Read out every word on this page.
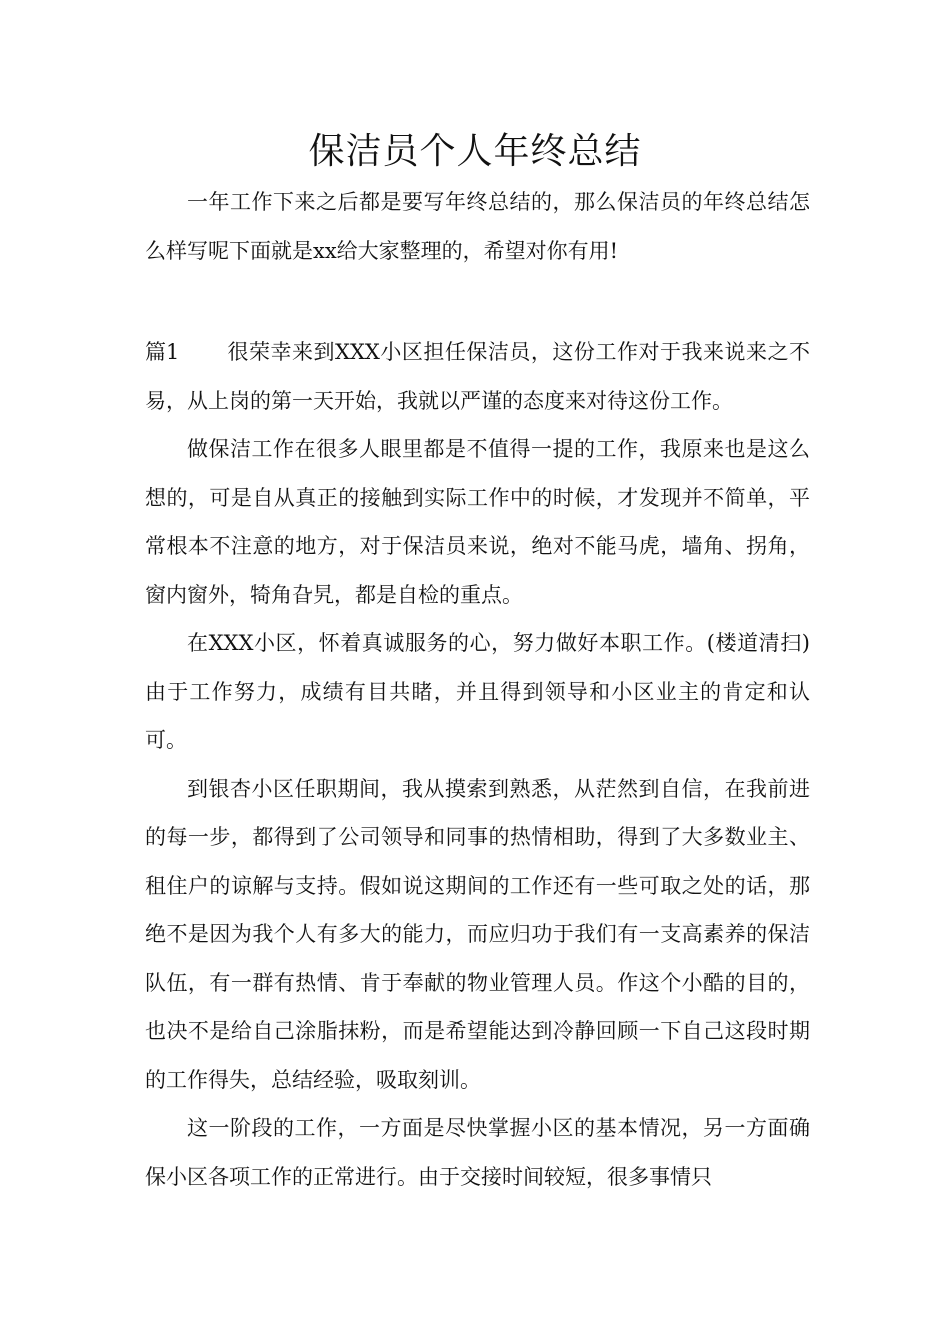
保洁员个人年终总结

一年工作下来之后都是要写年终总结的，那么保洁员的年终总结怎么样写呢下面就是xx给大家整理的，希望对你有用!

篇1 很荣幸来到XXX小区担任保洁员，这份工作对于我来说来之不易，从上岗的第一天开始，我就以严谨的态度来对待这份工作。

做保洁工作在很多人眼里都是不值得一提的工作，我原来也是这么想的，可是自从真正的接触到实际工作中的时候，才发现并不简单，平常根本不注意的地方，对于保洁员来说，绝对不能马虎，墙角、拐角，窗内窗外，犄角旮旯，都是自检的重点。

在XXX小区，怀着真诚服务的心，努力做好本职工作。(楼道清扫)由于工作努力，成绩有目共睹，并且得到领导和小区业主的肯定和认可。

到银杏小区任职期间，我从摸索到熟悉，从茫然到自信，在我前进的每一步，都得到了公司领导和同事的热情相助，得到了大多数业主、租住户的谅解与支持。假如说这期间的工作还有一些可取之处的话，那绝不是因为我个人有多大的能力，而应归功于我们有一支高素养的保洁队伍，有一群有热情、肯于奉献的物业管理人员。作这个小酷的目的，也决不是给自己涂脂抹粉，而是希望能达到冷静回顾一下自己这段时期的工作得失，总结经验，吸取刻训。

这一阶段的工作，一方面是尽快掌握小区的基本情况，另一方面确保小区各项工作的正常进行。由于交接时间较短，很多事情只
